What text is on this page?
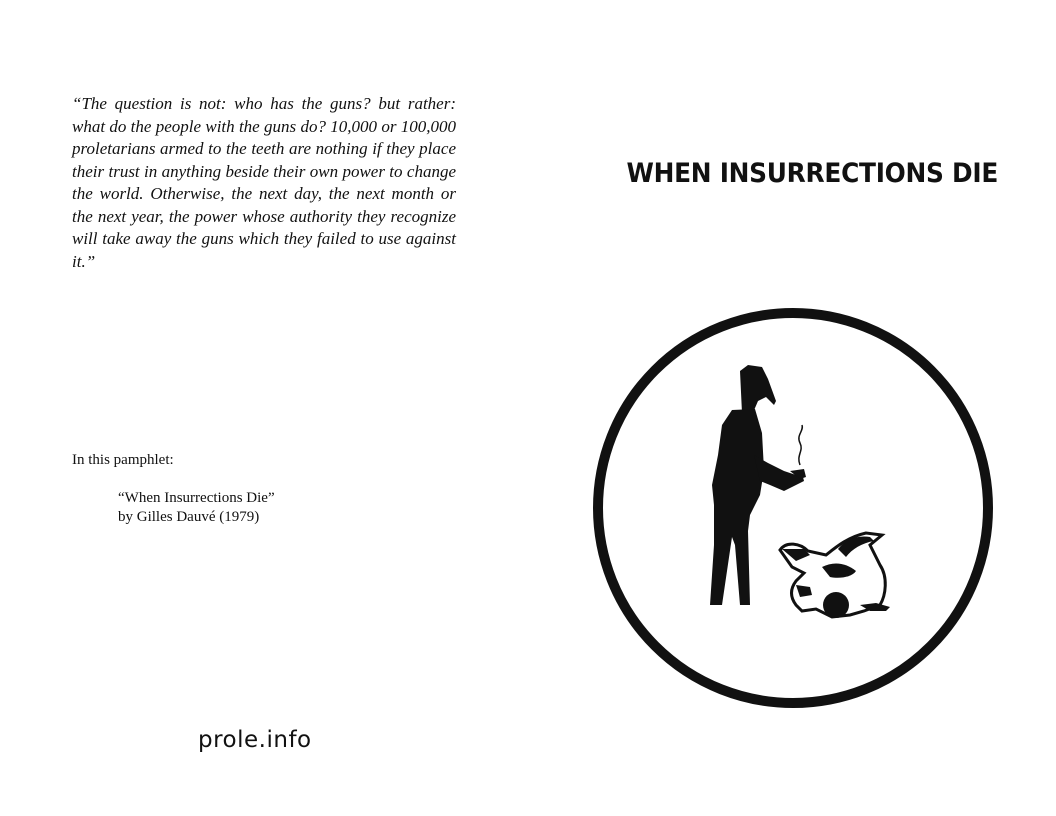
“The question is not: who has the guns? but rather: what do the people with the guns do? 10,000 or 100,000 proletarians armed to the teeth are nothing if they place their trust in anything beside their own power to change the world. Otherwise, the next day, the next month or the next year, the power whose authority they recognize will take away the guns which they failed to use against it.”

In this pamphlet:

“When Insurrections Die”
by Gilles Dauvé (1979)

prole.info

WHEN INSURRECTIONS DIE
